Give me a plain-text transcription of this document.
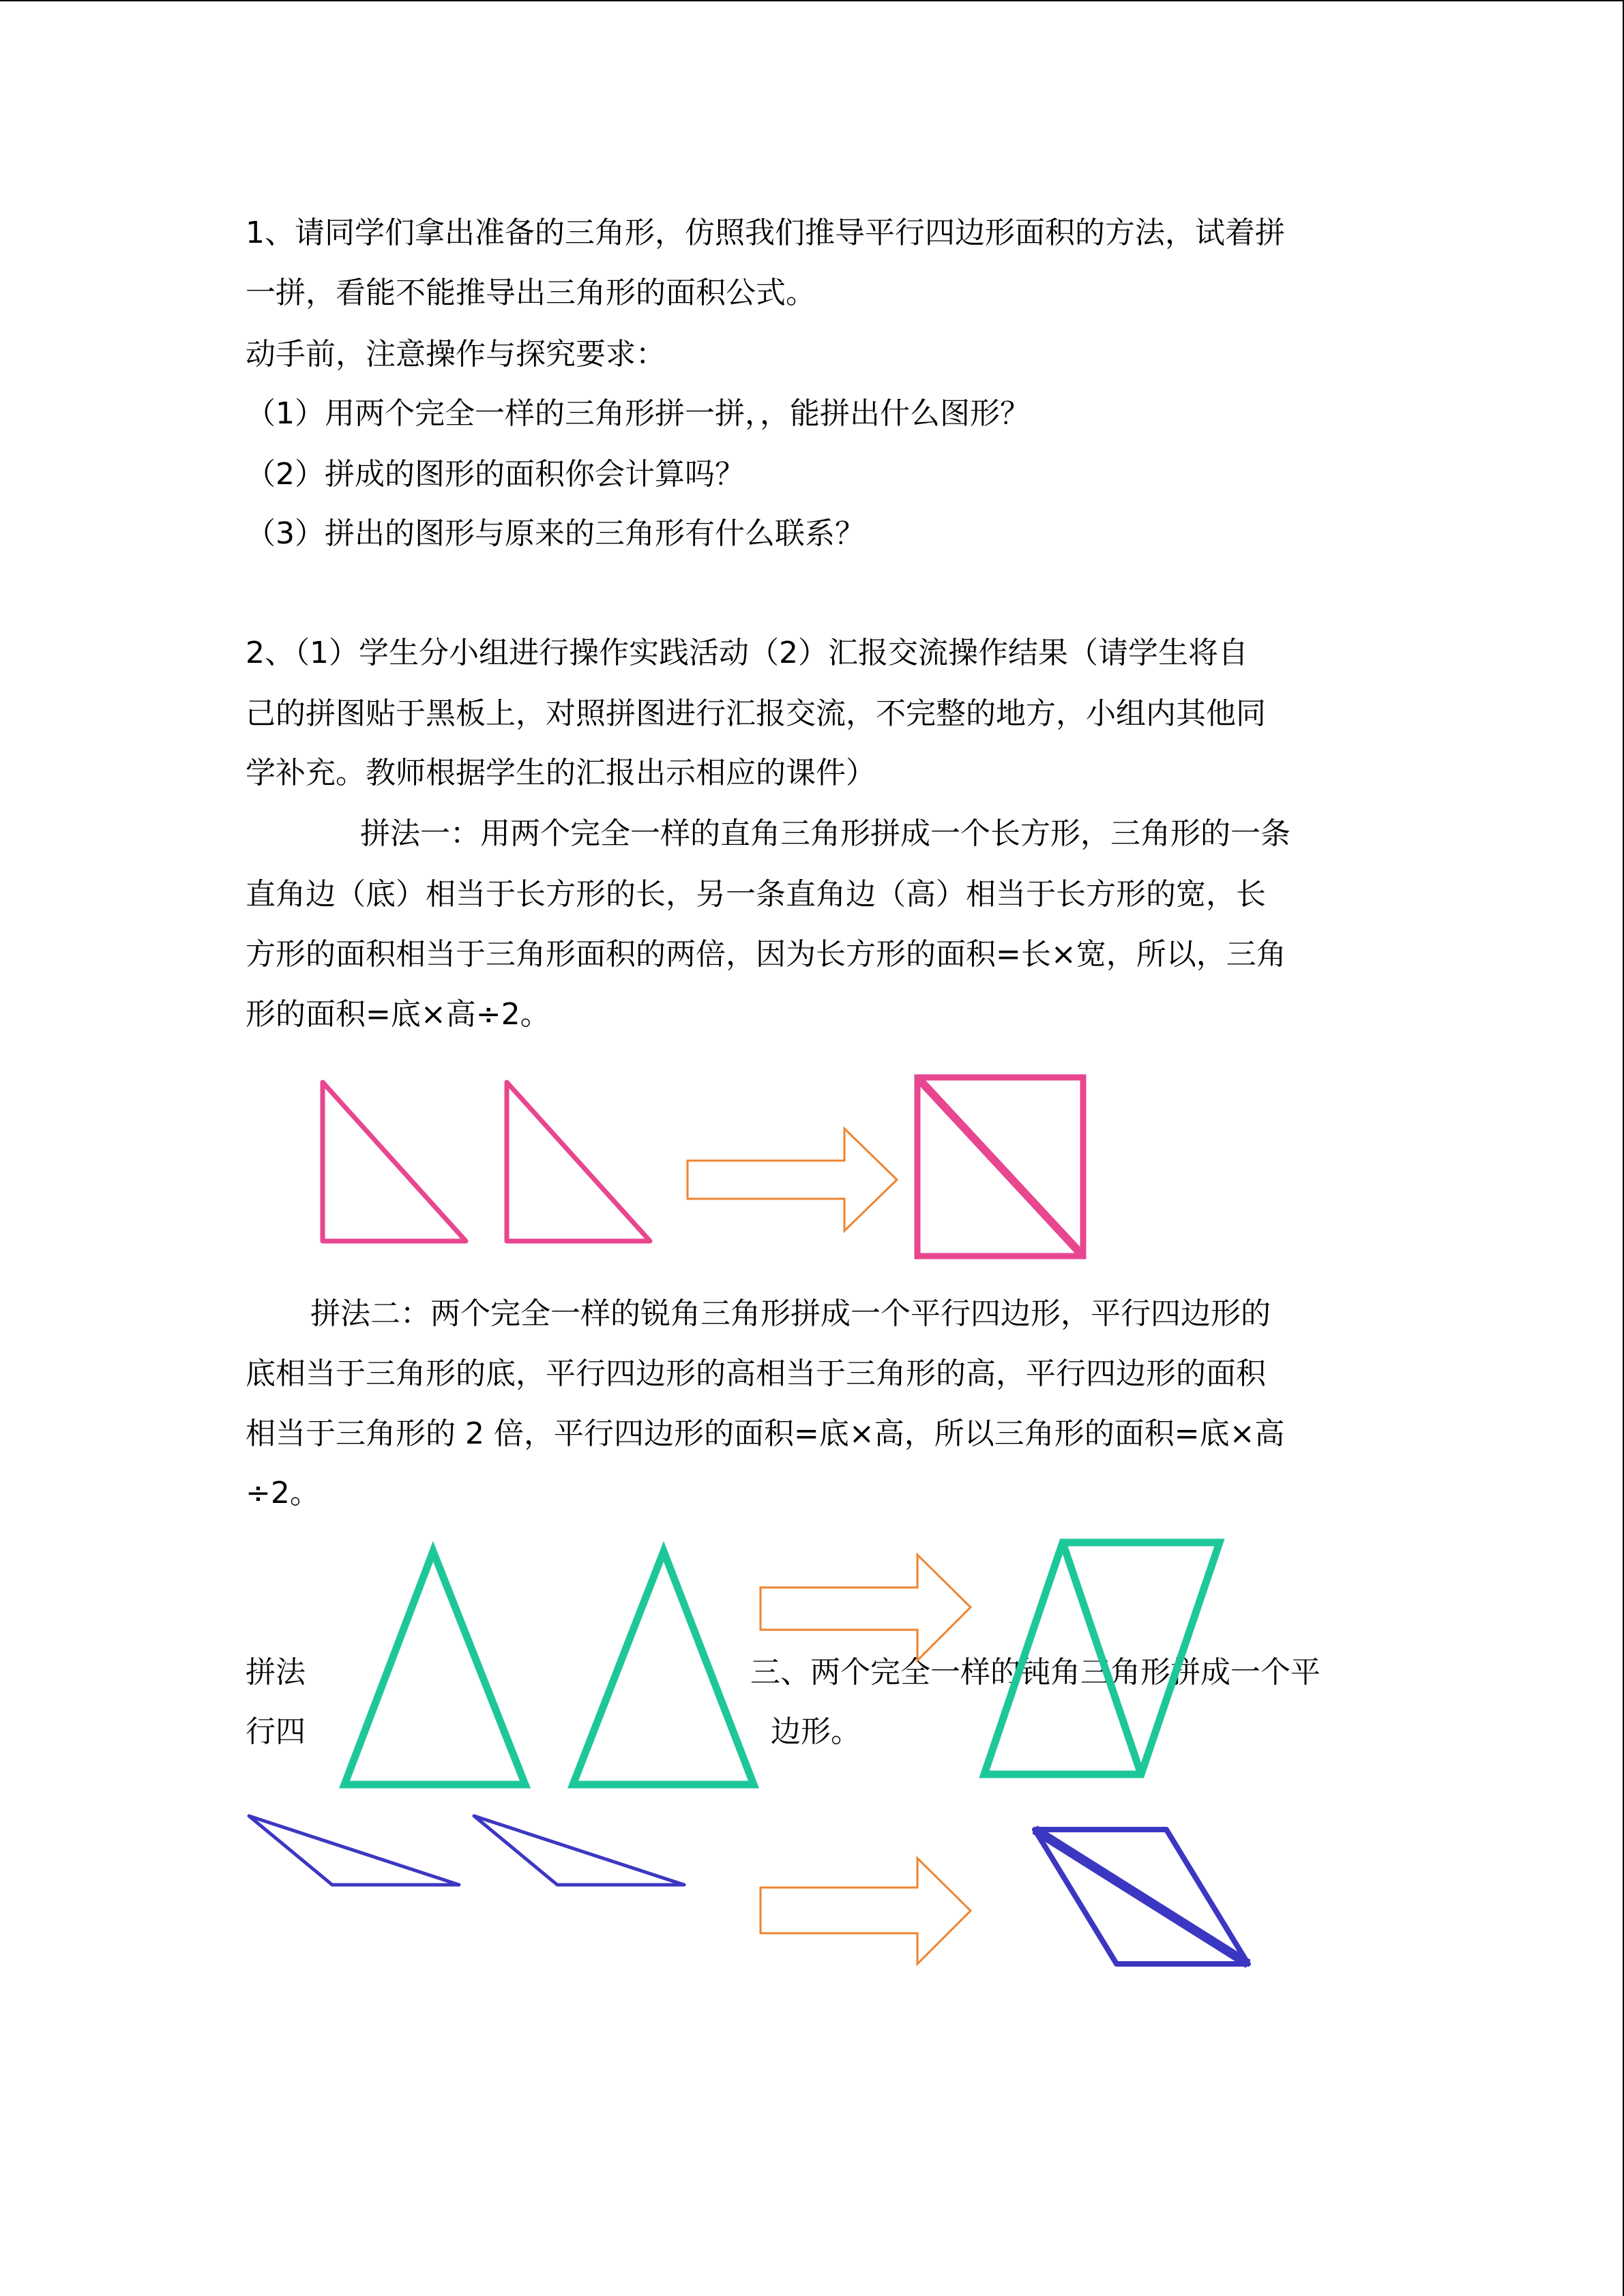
1、请同学们拿出准备的三角形，仿照我们推导平行四边形面积的方法，试着拼
一拼，看能不能推导出三角形的面积公式。
动手前，注意操作与探究要求：
（1）用两个完全一样的三角形拼一拼，，能拼出什么图形？
（2）拼成的图形的面积你会计算吗？
（3）拼出的图形与原来的三角形有什么联系？
2、（1）学生分小组进行操作实践活动（2）汇报交流操作结果（请学生将自
己的拼图贴于黑板上，对照拼图进行汇报交流，不完整的地方，小组内其他同
学补充。教师根据学生的汇报出示相应的课件）
拼法一：用两个完全一样的直角三角形拼成一个长方形，三角形的一条
直角边（底）相当于长方形的长，另一条直角边（高）相当于长方形的宽，长
方形的面积相当于三角形面积的两倍，因为长方形的面积=长×宽，所以，三角
形的面积=底×高÷2。
拼法二：两个完全一样的锐角三角形拼成一个平行四边形，平行四边形的
底相当于三角形的底，平行四边形的高相当于三角形的高，平行四边形的面积
相当于三角形的 2 倍，平行四边形的面积=底×高，所以三角形的面积=底×高
÷2。
拼法
行四
三、两个完全一样的钝角三角形拼成一个平
边形。
